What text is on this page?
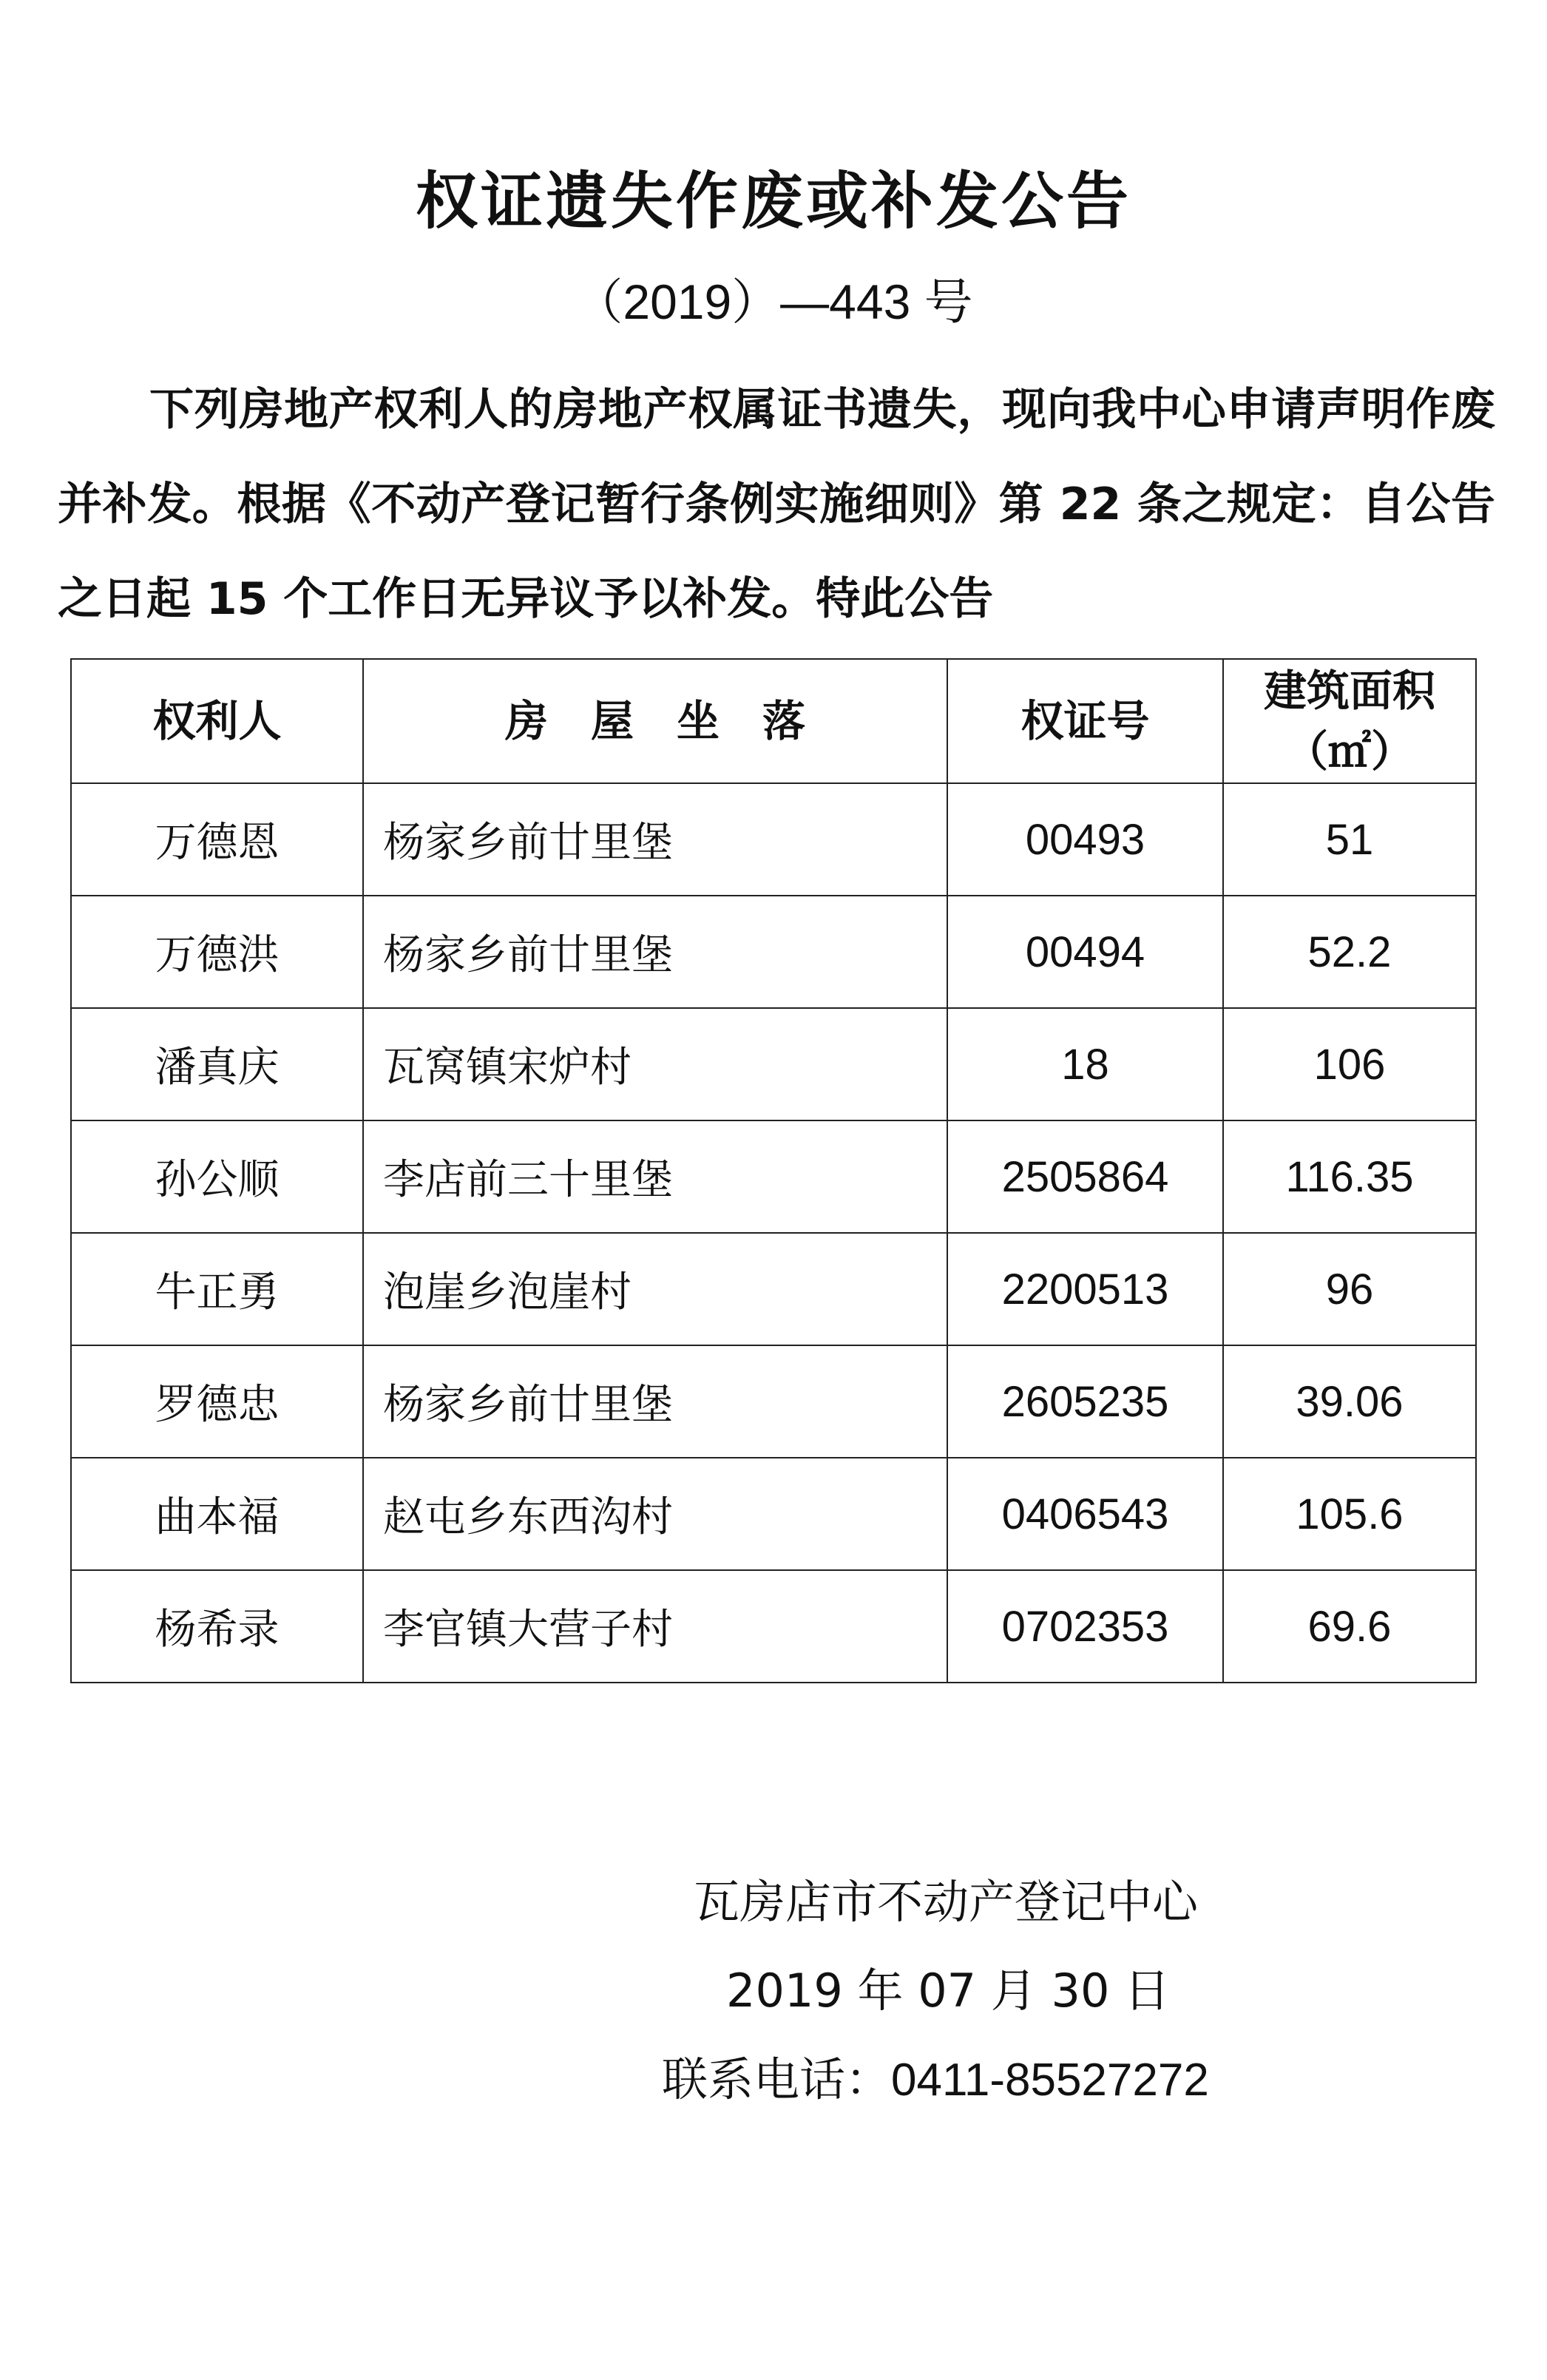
权证遗失作废或补发公告
（2019）—443 号

下列房地产权利人的房地产权属证书遗失，现向我中心申请声明作废并补发。根据《不动产登记暂行条例实施细则》第 22 条之规定：自公告之日起 15 个工作日无异议予以补发。特此公告

权利人	房　屋　坐　落	权证号	建筑面积
（㎡）
万德恩	杨家乡前廿里堡	00493	51
万德洪	杨家乡前廿里堡	00494	52.2
潘真庆	瓦窝镇宋炉村	18	106
孙公顺	李店前三十里堡	2505864	116.35
牛正勇	泡崖乡泡崖村	2200513	96
罗德忠	杨家乡前廿里堡	2605235	39.06
曲本福	赵屯乡东西沟村	0406543	105.6
杨希录	李官镇大营子村	0702353	69.6
瓦房店市不动产登记中心
2019 年 07 月 30 日
联系电话：0411-85527272
